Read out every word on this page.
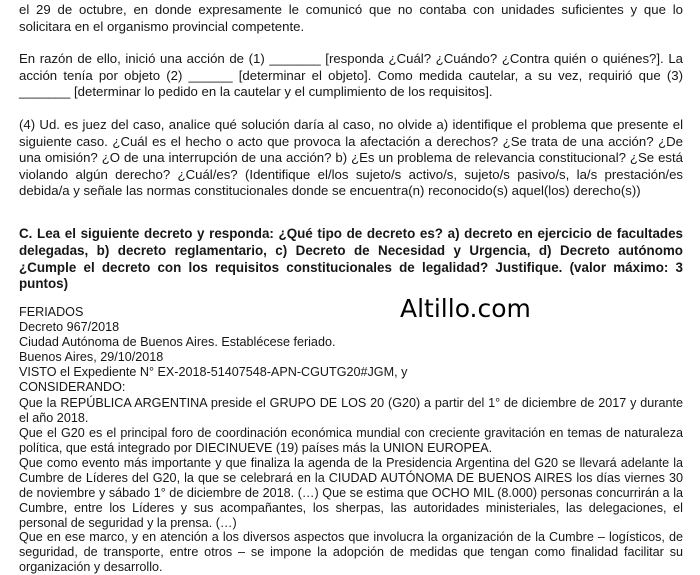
el 29 de octubre, en donde expresamente le comunicó que no contaba con unidades suficientes y que lo solicitara en el organismo provincial competente.

En razón de ello, inició una acción de (1) _______ [responda ¿Cuál? ¿Cuándo? ¿Contra quién o quiénes?]. La acción tenía por objeto (2) ______ [determinar el objeto]. Como medida cautelar, a su vez, requirió que (3) _______ [determinar lo pedido en la cautelar y el cumplimiento de los requisitos].

(4) Ud. es juez del caso, analice qué solución daría al caso, no olvide a) identifique el problema que presente el siguiente caso. ¿Cuál es el hecho o acto que provoca la afectación a derechos? ¿Se trata de una acción? ¿De una omisión? ¿O de una interrupción de una acción? b) ¿Es un problema de relevancia constitucional? ¿Se está violando algún derecho? ¿Cuál/es? (Identifique el/los sujeto/s activo/s, sujeto/s pasivo/s, la/s prestación/es debida/a y señale las normas constitucionales donde se encuentra(n) reconocido(s) aquel(los) derecho(s))

C. Lea el siguiente decreto y responda: ¿Qué tipo de decreto es? a) decreto en ejercicio de facultades delegadas, b) decreto reglamentario, c) Decreto de Necesidad y Urgencia, d) Decreto autónomo ¿Cumple el decreto con los requisitos constitucionales de legalidad? Justifique. (valor máximo: 3 puntos)

Altillo.com
FERIADOS
Decreto 967/2018
Ciudad Autónoma de Buenos Aires. Establécese feriado.
Buenos Aires, 29/10/2018
VISTO el Expediente N° EX-2018-51407548-APN-CGUTG20#JGM, y
CONSIDERANDO:

Que la REPÚBLICA ARGENTINA preside el GRUPO DE LOS 20 (G20) a partir del 1° de diciembre de 2017 y durante el año 2018.

Que el G20 es el principal foro de coordinación económica mundial con creciente gravitación en temas de naturaleza política, que está integrado por DIECINUEVE (19) países más la UNION EUROPEA.

Que como evento más importante y que finaliza la agenda de la Presidencia Argentina del G20 se llevará adelante la Cumbre de Líderes del G20, la que se celebrará en la CIUDAD AUTÓNOMA DE BUENOS AIRES los días viernes 30 de noviembre y sábado 1° de diciembre de 2018. (…) Que se estima que OCHO MIL (8.000) personas concurrirán a la Cumbre, entre los Líderes y sus acompañantes, los sherpas, las autoridades ministeriales, las delegaciones, el personal de seguridad y la prensa. (…)

Que en ese marco, y en atención a los diversos aspectos que involucra la organización de la Cumbre – logísticos, de seguridad, de transporte, entre otros – se impone la adopción de medidas que tengan como finalidad facilitar su organización y desarrollo.
